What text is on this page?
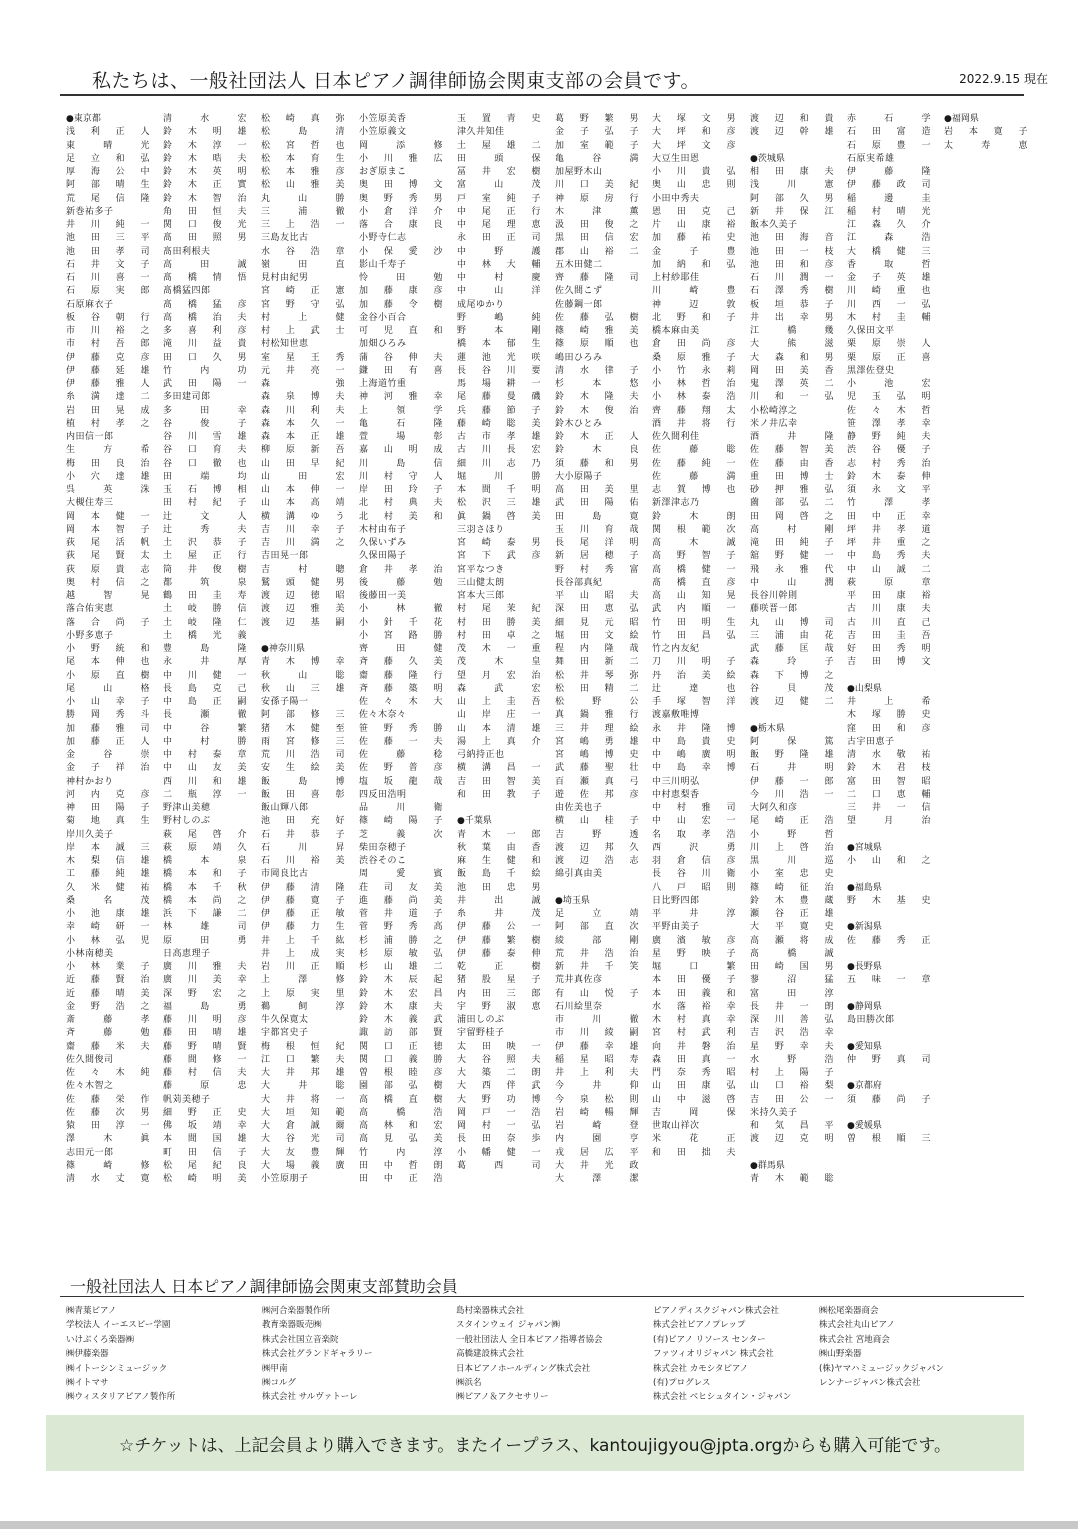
私たちは、一般社団法人 日本ピアノ調律師協会関東支部の会員です。	2022.9.15 現在
●東京都
浅利正人
東晴光
足立和弘
厚海公中
阿部晴生
荒尾信隆
新巻祐多子
井川純一
池田三平
池田孝司
石井文子
石川喜一
石原実郎
石原麻衣子
板谷朝行
市川裕之
市村吾郎
伊藤克彦
伊藤延雄
伊藤雅人
糸満達二
岩田晃成
植村孝之
内田信一郎
生方希
梅田良治
小穴達雄
呉英洙
大槻住寿三
岡本健一
岡本智子
荻尾活帆
荻尾賢太
荻原貴志
奥村信之
越智晃
落合佑実恵
落合尚子
小野多恵子
小野統和
尾本伸也
小原直樹
尾山格
小山幸子
勝岡秀斗
加藤雅司
加藤正人
金谷崇
金子祥治
神村かおり
河内克彦
神田陽子
菊地真生
岸川久美子
岸本誠三
木梨信雄
工藤純雄
久米健祐
桑名茂
小池康雄
幸崎研一
小林弘児
小林南穂美
小林業子
近藤賢治
近藤晴美
金野浩之
斎藤孝
斉藤勉
齋藤米夫
佐久間俊司
佐々木純
佐々木智之
佐藤栄作
佐藤次男
猿田淳一
澤木眞
志田元一郎
篠崎修
清水丈寛
清水宏
鈴木明雄
鈴木淳一
鈴木晧夫
鈴木英明
鈴木正實
鈴木智治
角田恒夫
関口俊光
髙田照男
髙田利根夫
高田誠
髙橋情悟
髙橋猛四郎
髙橋猛彦
高橋治夫
多喜利彦
滝川益貴
田口久男
竹内功
武田陽一
多田建司郎
多田幸
谷俊子
谷川雪雄
谷口育夫
谷口徹也
田端均
玉石博相
田村紀子
辻文人
辻秀夫
土沢恭子
土屋正行
筒井俊樹
都筑泉
鶴田圭寿
土岐勝信
土岐隆仁
土橋光義
豊島隆
永井厚
中川健一
長島克己
中島正嗣
長瀬徹
中谷繁
中村勝
中村泰章
中山友美
西川和雄
二瓶淳一
野津山美穂
野村しのぶ
萩尾啓介
萩原靖久
橋本泉
橋本和子
橋本千秋
橋本尚之
浜下謙二
林雄司
原田勇
日高恵理子
廣川雅夫
廣川美幸
深野宏之
福島勇
藤川明彦
藤田晴雄
藤野晴賢
藤間修一
藤村信夫
藤原忠
帆苅美穂子
細野正史
佛坂靖幸
本間国雄
町田信子
松尾紀良
松崎明美
松崎真弥
松島清
松宮哲也
松本育生
松本雅彦
松山雅美
丸山勝
三浦徹
三上浩一
三島友比古
水谷浩章
嶺田直
見村由紀男
宮崎正憲
宮野守弘
村上健
村上武士
村松知世恵
室星王秀
元井亮一
森強
森泉博夫
森川利夫
森本久一
森本正雄
柳原新吾
山田早紀
山田宏
山本伸一
山本高靖
横溝ゆう
吉川幸子
吉川満之
吉田晃一郎
吉村聰
鷲頭健男
渡辺徳昭
渡辺雅美
渡辺基嗣

●神奈川県
青木博幸
秋山聡
秋山三雄
安孫子陽一
阿部修三
猪木健至
雨宮修三
荒川浩司
安生絵美
飯島博
飯田喜彰
飯山輝八郎
池田充好
石井恭子
石川昇
石川裕美
市岡良比古
伊藤清隆
伊藤寛子
伊藤正敏
伊藤力生
井上千紘
井上成実
岩川正順
上澤修
上原実里
鵜飼淳
牛久保寛太
宇都宮史子
梅根恒紀
江口繁夫
大井邦雄
大井聡
大井将一
大垣知範
大倉誠爾
大谷光司
大友豊輝
大場義廣
小笠原朋子
小笠原美香
小笠原義文
岡添修
小川雅広
おぎ原まこ
奥田博文
奥野秀男
小倉洋介
落合康良
小野寺仁志
小保愛沙
影山千寿子
怜田勉
加藤康彦
加藤令樹
金谷小百合
可児直和
加畑ひろみ
蒲谷伸夫
鎌田有喜
上海道竹重
神河雅幸
上領学
亀石隆
萱場彰
嘉山明成
川島信
川村守人
岸田玲子
北村典夫
北村美和
木村由布子
久保いずみ
久保田陽子
倉井孝治
後藤勉
後藤田一美
小林徹
小針千花
小宮路勝
齊田健
斉藤久美
齋藤隆行
斉藤築明
佐々木大
佐々木奈々
笹野秀勝
佐藤一夫
佐藤稔
佐野普彦
塩坂龍哉
四反田浩明
品川衛
篠崎陽子
芝義次
柴田奈穂子
渋谷そのこ
周愛賓
荘司友美
進藤尚美
菅井道子
菅野秀高
杉浦勝之
杉原敏弘
杉山雄二
鈴木辰起
鈴木宏昌
鈴木康夫
鈴木義武
諏訪部賢
関口正徳
関口義勝
曽根睦彦
園部弘樹
高橋直樹
高橋浩
高林和宏
高見弘美
竹内淳
田中哲朗
田中正浩
玉置青史
津久井知佳
土屋雄二
田頭保
冨井宏樹
富山茂
戸室純子
中尾正行
中尾理恵
永田正司
中野護
中林大輔
中村慶
中山洋
成尾ゆかり
野嶋純
野本剛
橋本郁生
蓮池光咲
長谷川要
馬場耕一
尾藤曼磯
兵藤節子
藤崎聡美
古市孝雄
古川長宏
細川志乃
堀川勝
本間千明
松沢三雄
眞鍋啓美
三羽さほり
宮崎泰男
宮下武彦
宮平なつき
三山健太朗
宮本大三郎
村尾茉紀
村田勝美
村田卓之
茂木一重
茂木皇
望月宏治
森武宏
山上圭吾
山岸庄一
山本清雄
湯上真介
弓納持正也
横溝昌一
吉田智美
和田教子

●千葉県
青木一郎
秋葉由香
麻生健和
飯島千絵
池田忠男
井出誠
糸井茂
伊藤公一
伊藤繁樹
伊藤泰伸
乾正樹
猪股星子
内田三郎
宇野淑恵
浦田しのぶ
宇留野桂子
太田映一
大谷照夫
大築二朗
大西伴武
大野功博
岡戸一浩
岡村一弘
長田奈歩
小幡健一
葛西司
葛野繁男
金子弘子
加室範子
亀谷満
加屋野木山
川口美紀
神原房行
木津薫
汲田俊之
黒田信宏
郡山裕二
五木田健二
齊藤隆司
佐久間こず
佐藤鋼一郎
佐藤弘樹
篠崎雅美
篠原順也
嶋田ひろみ
清水律子
杉本悠
鈴木隆夫
鈴木俊治
鈴木ひとみ
鈴木正人
鈴木良
須藤和男
大小原陽子
高田美里
武田陽佑
田島寛
玉川育哉
長尾洋明
新居穂子
野村秀富
長谷部真紀
平山昭夫
深田恵弘
細見元昭
堀田文絵
程内隆哉
舞田新二
松井琴弥
松田精二
松野公
真鍋雅行
三井理絵
宮嶋勇雄
宮嶋博史
武藤聖壮
百瀬真弓
遊佐邦彦
由佐美也子
横山桂子
吉野透
渡辺邦久
渡辺浩志
綿引真由美

●埼玉県
足立靖
阿部直次
綾部剛
荒井浩治
新井千笑
荒井真佐彦
有山悦子
石川絵里奈
市川徹
市川綾嗣
伊藤幸雄
稲星昭寿
井上利夫
今井仰
今泉松則
岩崎暢輝
岩崎登
内園亨
戎居広平
大井光政
大澤潔
大塚文男
大坪和彦
大坪文彦
大豆生田恩
小川貴弘
奥山忠則
小田中秀夫
恩田克己
片山康裕
加藤祐史
金子豊
加納和弘
上村紗耶佳
川崎豊
神辺敦
北野和子
橋本麻由美
倉田尚彦
桑原雅子
小竹永莉
小林哲治
小林泰浩
齊藤翔太
酒井将行
佐久間利佳
佐藤聡
佐藤純一
佐藤満
志賀博也
新澤津志乃
鈴木朗
関根範次
高木誠
高野智子
高橋健一
髙橋直彦
高山知晃
武内順一
竹田明生
竹田昌弘
竹之内友紀
刀川明子
丹治美絵
辻達也
手塚智洋
渡嘉敷唯博
永井隆博
中島貴史
中嶋廣明
中島幸博
中三川明弘
中村恵梨香
中村雅司
中山宏一
名取孝浩
西沢勇
羽倉信彦
長谷川衛
八戸昭則
日比野四郎
平井淳
平野由美子
廣濱敏彦
星野映子
堀口繁
本田優子
本田義和
水落裕幸
木村真幸
宮村武利
向井磐治
森田真一
門奈秀昭
山田康弘
山中滋啓
吉岡保
世取山祥次
米花正
和田拙夫
渡辺和貴
渡辺幹雄

●茨城県
相田康夫
浅川憲
阿部久男
新井保江
飯本久美子
池田海音
池田一枝
池田和彦
石川潤一
石澤秀樹
板垣恭子
井出幸男
江橋幾
大熊滋
大森和男
岡田美香
鬼澤英二
川和一弘
小松崎淳之
米ノ井広幸
酒井隆
佐藤智美
佐藤由香
重田博士
砂押雅弘
薗部弘二
田岡啓之
高村剛
滝田純子
舘野健一
飛永雅代
中山潤
長谷川幹則
藤咲晋一郎
丸山博司
三浦由花
武藤匡哉
森玲子
森下博之
谷貝茂
渡辺健二

●栃木県
阿保篤
飯野隆雄
石井明
伊藤一郎
今川浩一
大阿久和彦
尾崎正浩
小野哲
川上啓治
黒川巡
小室忠史
篠崎征治
鈴木豊蔵
瀬谷正雄
大平寛史
高瀬将成
髙橋誠
田崎国男
蓼沼猛
富田淳
長井一朗
深川善弘
吉沢浩幸
星野幸夫
水野浩
村上陽子
山口裕梨
吉田公一
米持久美子
和気昌平
渡辺克明

●群馬県
青木範聡
赤石学
石田富造
石原豊一
石原実希雄
伊藤隆
伊藤政司
稲邊圭
稲村晴光
江森久介
江森浩
大橋健三
香取哲
金子英雄
川崎重也
川西一弘
木村圭輔
久保田文平
栗原崇人
栗原正喜
黒澤佐登史
小池宏
児玉弘明
佐々木哲
笹澤孝幸
静野純夫
渋谷優子
志村秀治
鈴木泰伸
須永文平
竹澤孝
田中正幸
坪井孝道
坪井重之
中島秀夫
中山誠二
萩原章
平田康裕
古川康夫
古川直己
吉田圭吾
好田秀明
吉田博文

●山梨県
井上希
木塚勝史
窪田和彦
古宇田恵子
清水敬祐
鈴木君枝
富田智昭
二口恵輔
三井一信
望月治

●宮城県
小山和之

●福島県
野木基史

●新潟県
佐藤秀正

●長野県
五味一章

●静岡県
島田勝次郎

●愛知県
仲野真司

●京都府
須藤尚子

●愛媛県
曽根順三
●福岡県
岩本寛子
太寿恵
一般社団法人 日本ピアノ調律師協会関東支部賛助会員
㈱青葉ピアノ
学校法人 イーエスピー学園
いけぶくろ楽器㈱
㈱伊藤楽器
㈱イトーシンミュージック
㈱イトマサ
㈱ウィスタリアピアノ製作所
㈱河合楽器製作所
教育楽器販売㈱
株式会社国立音楽院
株式会社グランドギャラリー
㈱甲南
㈱コルグ
株式会社 サルヴァトーレ
島村楽器株式会社
スタインウェイ ジャパン㈱
一般社団法人 全日本ピアノ指導者協会
高橋建設株式会社
日本ピアノホールディング株式会社
㈱浜名
㈱ピアノ＆アクセサリー
ピアノディスクジャパン株式会社
株式会社ピアノプレップ
(有)ピアノ リソース センター
ファツィオリジャパン 株式会社
株式会社 カモシタピアノ
(有)プログレス
株式会社 ベヒシュタイン・ジャパン
㈱松尾楽器商会
株式会社丸山ピアノ
株式会社 宮地商会
㈱山野楽器
(株)ヤマハミュージックジャパン
レンナージャパン株式会社
☆チケットは、上記会員より購入できます。またイープラス、kantoujigyou@jpta.orgからも購入可能です。
